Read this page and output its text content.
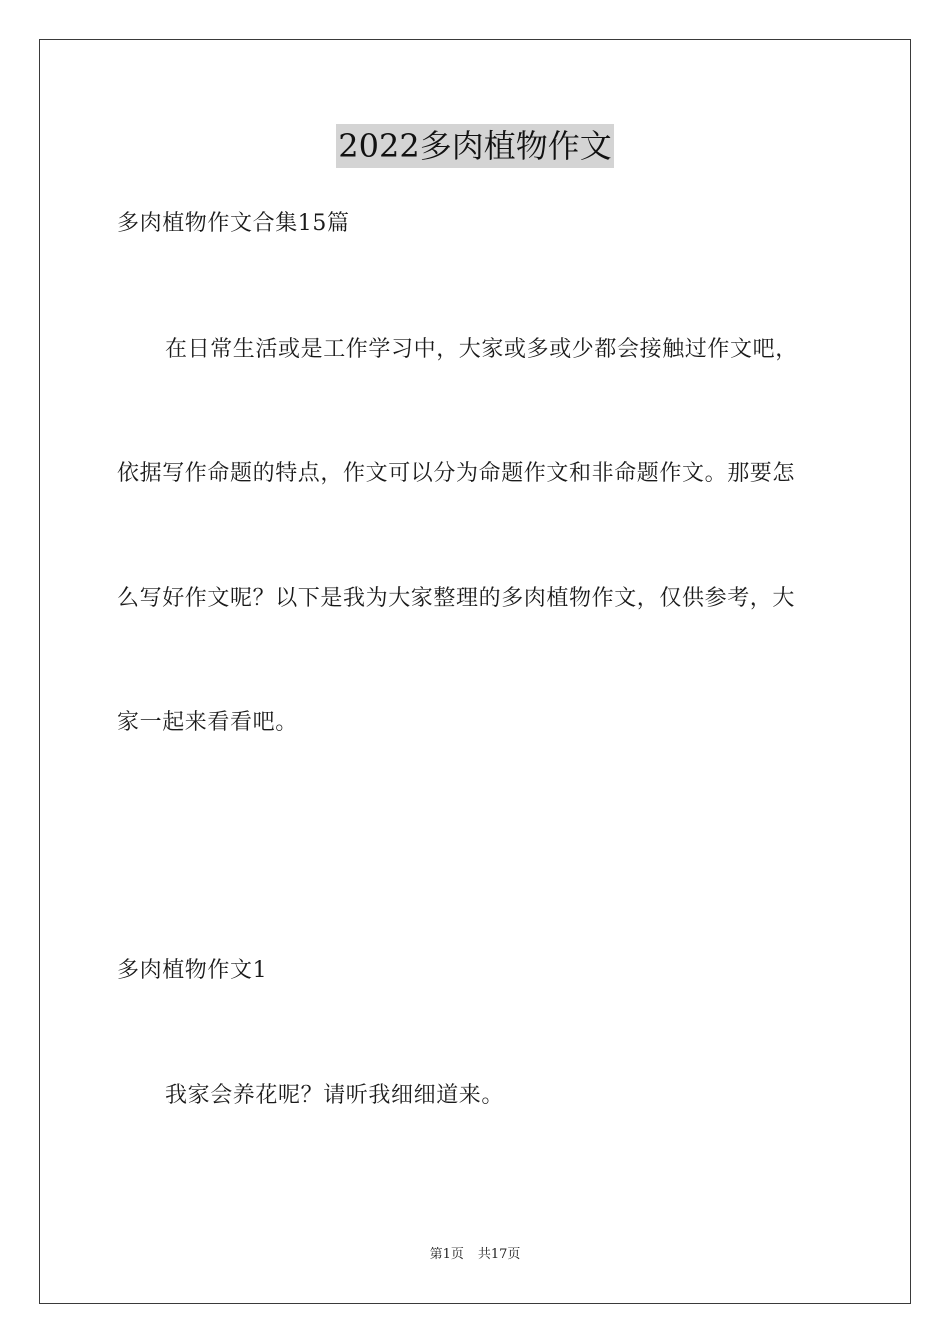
2022多肉植物作文
多肉植物作文合集15篇
在日常生活或是工作学习中，大家或多或少都会接触过作文吧，
依据写作命题的特点，作文可以分为命题作文和非命题作文。那要怎
么写好作文呢？以下是我为大家整理的多肉植物作文，仅供参考，大
家一起来看看吧。
多肉植物作文1
我家会养花呢？请听我细细道来。
第1页 共17页
